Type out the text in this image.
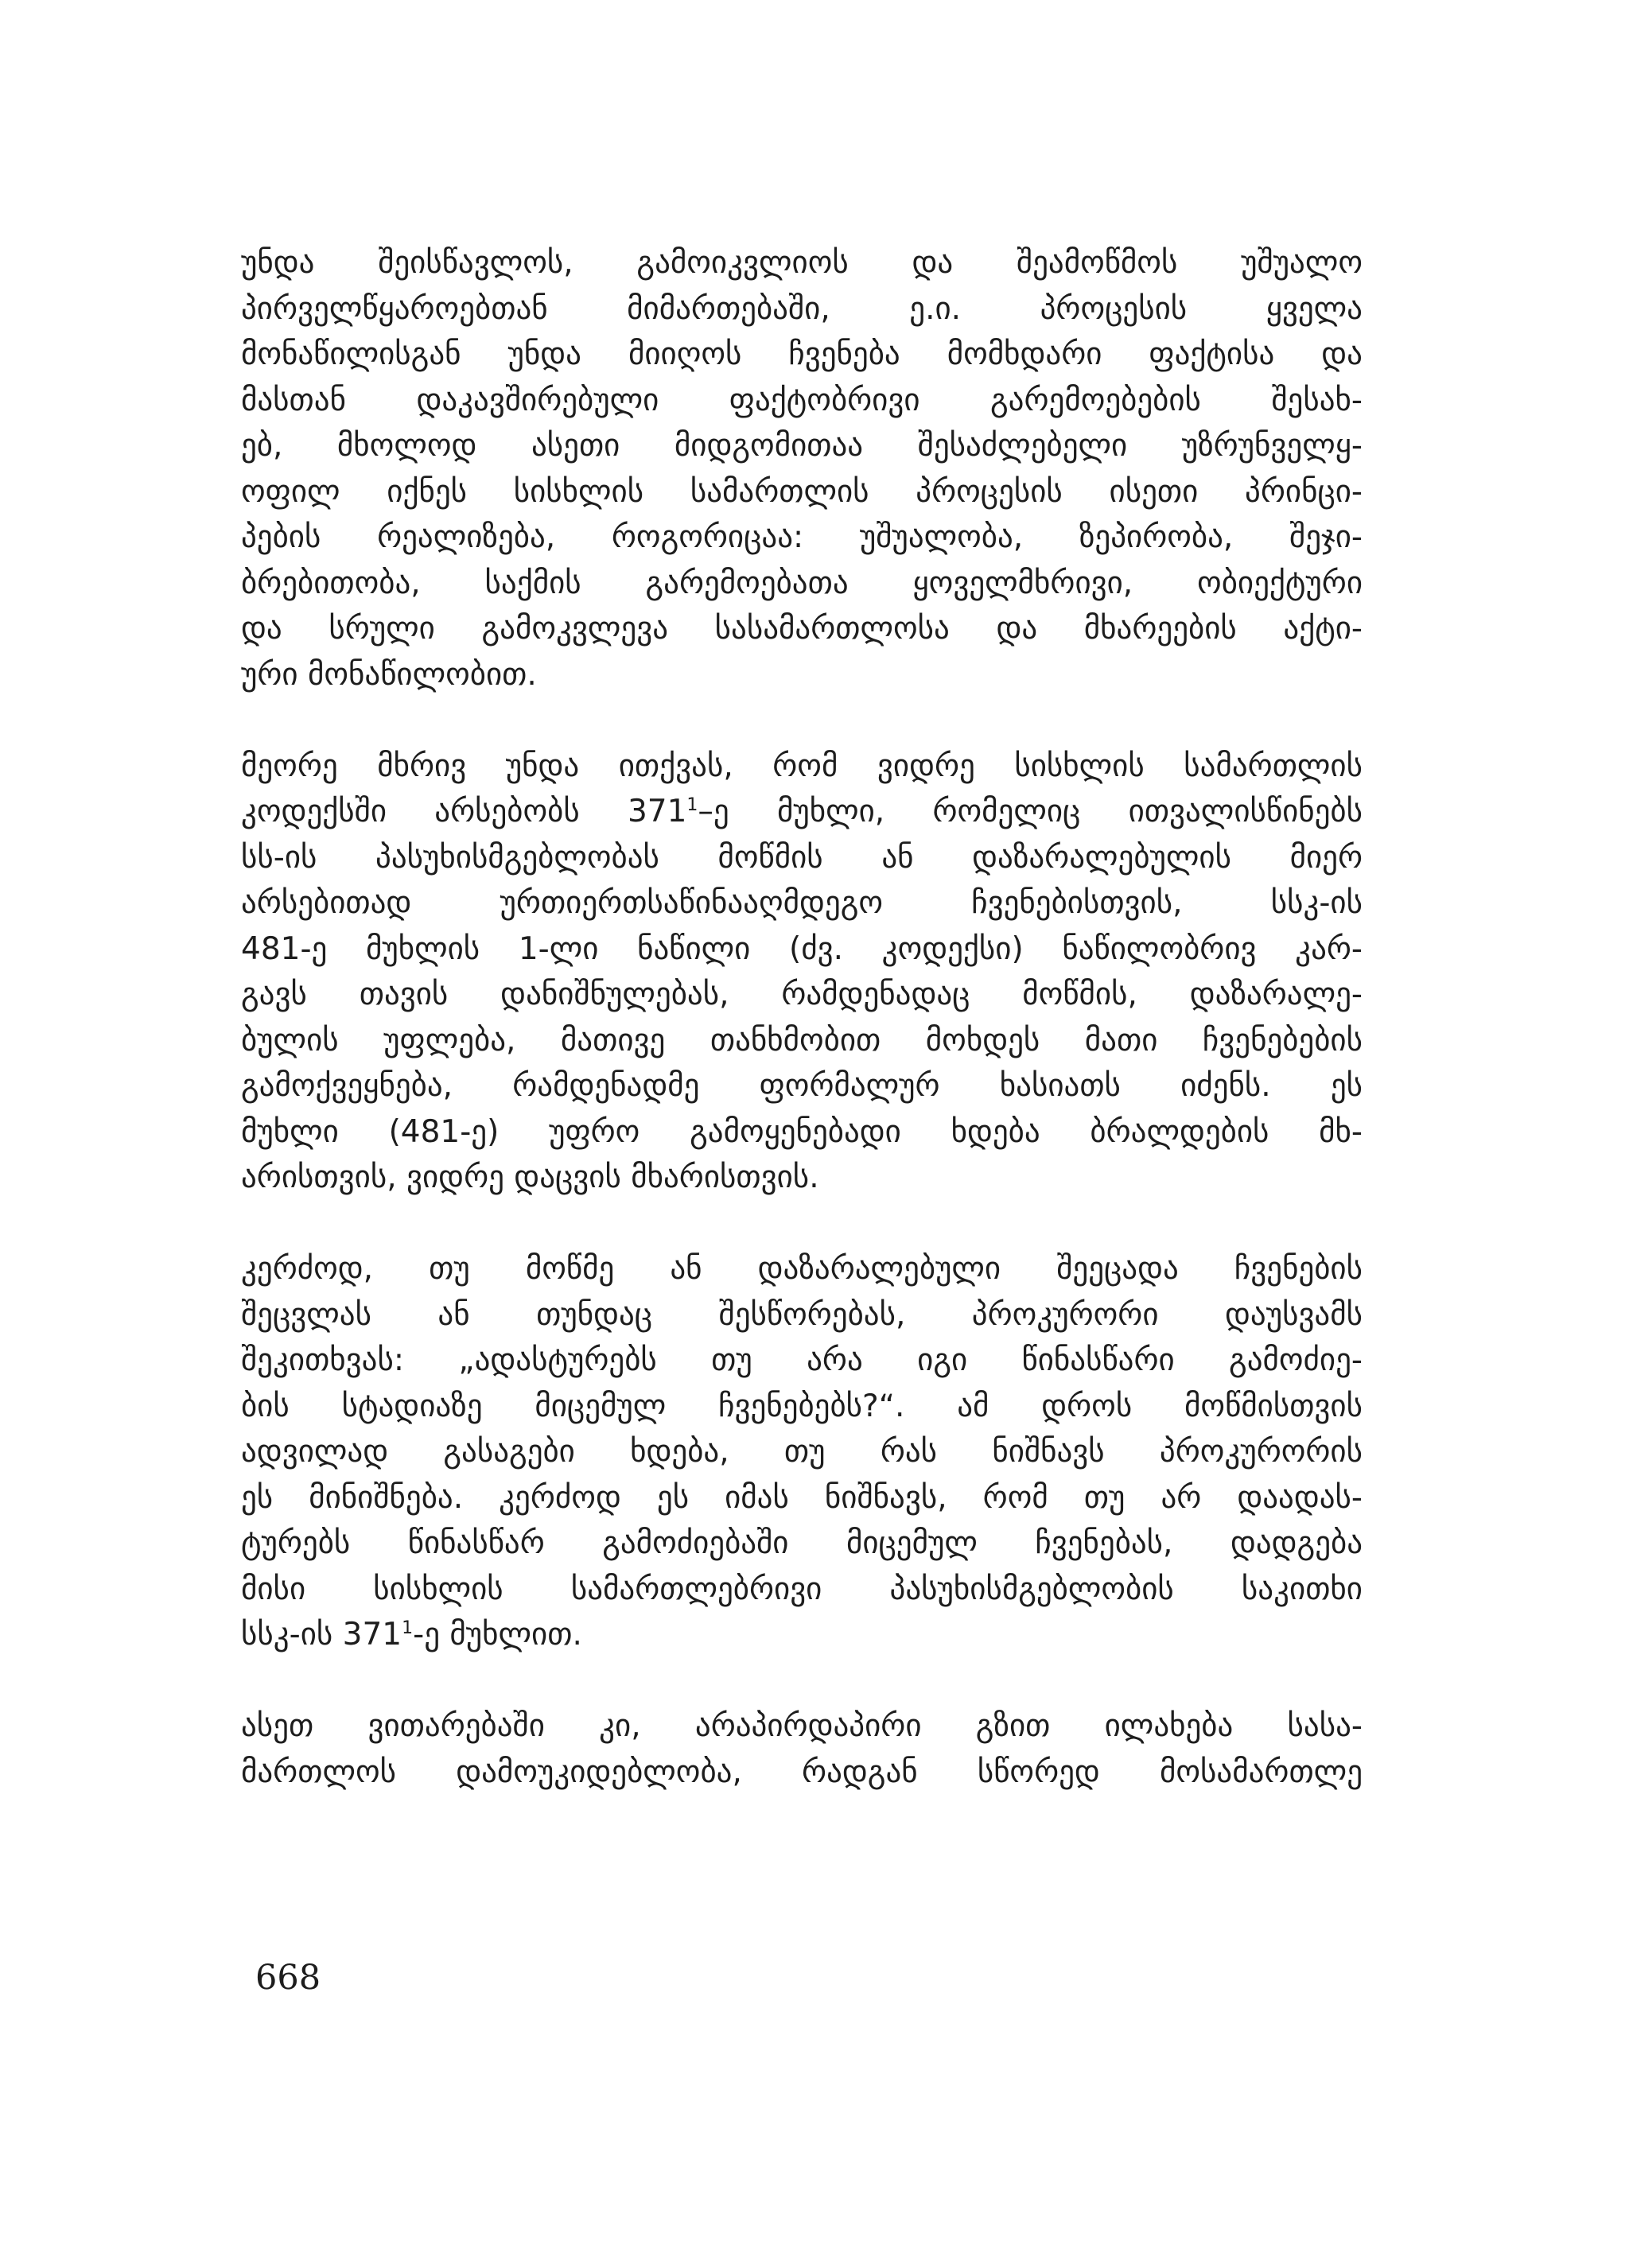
უნდა შეისწავლოს, გამოიკვლიოს და შეამოწმოს უშუალო
პირველწყაროებთან მიმართებაში, ე.ი. პროცესის ყველა
მონაწილისგან უნდა მიიღოს ჩვენება მომხდარი ფაქტისა და
მასთან დაკავშირებული ფაქტობრივი გარემოებების შესახ-
ებ, მხოლოდ ასეთი მიდგომითაა შესაძლებელი უზრუნველყ-
ოფილ იქნეს სისხლის სამართლის პროცესის ისეთი პრინცი-
პების რეალიზება, როგორიცაა: უშუალობა, ზეპირობა, შეჯი-
ბრებითობა, საქმის გარემოებათა ყოველმხრივი, ობიექტური
და სრული გამოკვლევა სასამართლოსა და მხარეების აქტი-
ური მონაწილობით.
მეორე მხრივ უნდა ითქვას, რომ ვიდრე სისხლის სამართლის
კოდექსში არსებობს $371^1-ე$ მუხლი, რომელიც ითვალისწინებს
სს-ის პასუხისმგებლობას მოწმის ან დაზარალებულის მიერ
არსებითად ურთიერთსაწინააღმდეგო ჩვენებისთვის, სსკ-ის
481-ე მუხლის 1-ლი ნაწილი (ძვ. კოდექსი) ნაწილობრივ კარ-
გავს თავის დანიშნულებას, რამდენადაც მოწმის, დაზარალე-
ბულის უფლება, მათივე თანხმობით მოხდეს მათი ჩვენებების
გამოქვეყნება, რამდენადმე ფორმალურ ხასიათს იძენს. ეს
მუხლი (481-ე) უფრო გამოყენებადი ხდება ბრალდების მხ-
არისთვის, ვიდრე დაცვის მხარისთვის.
კერძოდ, თუ მოწმე ან დაზარალებული შეეცადა ჩვენების
შეცვლას ან თუნდაც შესწორებას, პროკურორი დაუსვამს
შეკითხვას: „ადასტურებს თუ არა იგი წინასწარი გამოძიე-
ბის სტადიაზე მიცემულ ჩვენებებს?“. ამ დროს მოწმისთვის
ადვილად გასაგები ხდება, თუ რას ნიშნავს პროკურორის
ეს მინიშნება. კერძოდ ეს იმას ნიშნავს, რომ თუ არ დაადას-
ტურებს წინასწარ გამოძიებაში მიცემულ ჩვენებას, დადგება
მისი სისხლის სამართლებრივი პასუხისმგებლობის საკითხი
სსკ-ის $371^1-ე$ მუხლით.
ასეთ ვითარებაში კი, არაპირდაპირი გზით ილახება სასა-
მართლოს დამოუკიდებლობა, რადგან სწორედ მოსამართლე
668
